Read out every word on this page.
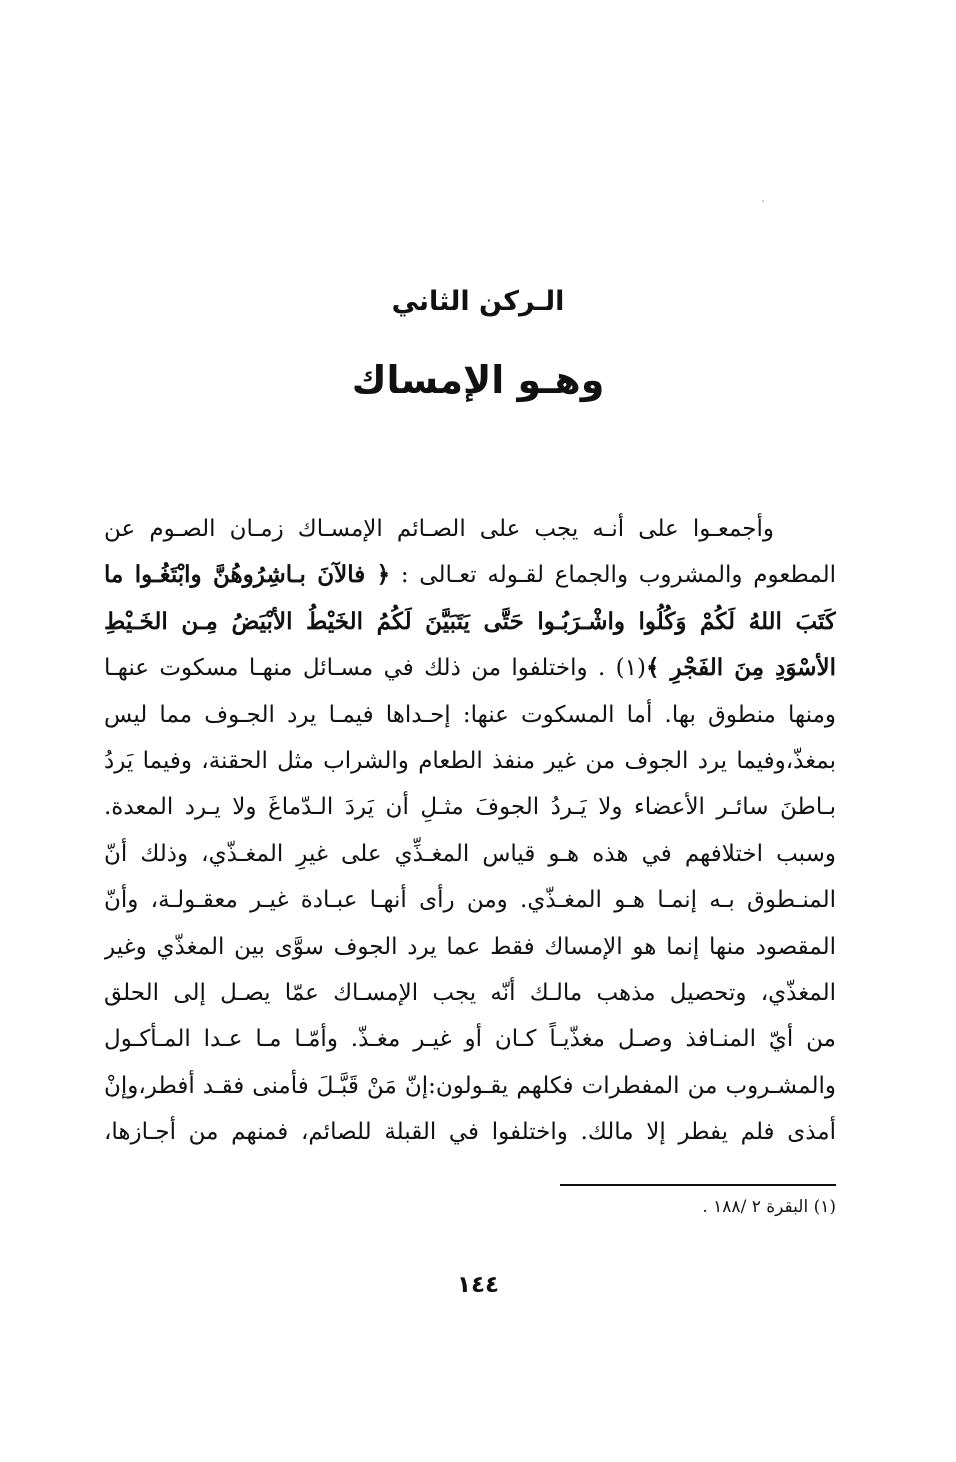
الـركن الثاني
وهـو الإمساك
وأجمعـوا على أنـه يجب على الصـائم الإمسـاك زمـان الصـوم عن
المطعوم والمشروب والجماع لقـوله تعـالى : ﴿ فالآنَ بـاشِرُوهُنَّ وابْتَغُـوا ما
كَتَبَ اللهُ لَكُمْ وَكُلُوا واشْـرَبُـوا حَتَّى يَتَبَيَّنَ لَكُمُ الخَيْطُ الأبْيَضُ مِـن الخَـيْطِ
الأسْوَدِ مِنَ الفَجْرِ ﴾(١) . واختلفوا من ذلك في مسـائل منهـا مسكوت عنهـا
ومنها منطوق بها. أما المسكوت عنها: إحـداها فيمـا يرد الجـوف مما ليس
بمغذّ،وفيما يرد الجوف من غير منفذ الطعام والشراب مثل الحقنة، وفيما يَردُ
بـاطنَ سائـر الأعضاء ولا يَـردُ الجوفَ مثـلِ أن يَردَ الـدّماغَ ولا يـرد المعدة.
وسبب اختلافهم في هذه هـو قياس المغـذِّي على غيرِ المغـذّي، وذلك أنّ
المنـطوق بـه إنمـا هـو المغـذّي. ومن رأى أنهـا عبـادة غيـر معقـولـة، وأنّ
المقصود منها إنما هو الإمساك فقط عما يرد الجوف سوَّى بين المغذّي وغير
المغذّي، وتحصيل مذهب مالـك أنّه يجب الإمسـاك عمّا يصـل إلى الحلق
من أيّ المنـافذ وصـل مغذّيـاً كـان أو غيـر مغـذّ. وأمّـا مـا عـدا المـأكـول
والمشـروب من المفطرات فكلهم يقـولون:إنّ مَنْ قَبَّـلَ فأمنى فقـد أفطر،وإنْ
أمذى فلم يفطر إلا مالك. واختلفوا في القبلة للصائم، فمنهم من أجـازها،
(١) البقرة ٢ /١٨٨ .
١٤٤
